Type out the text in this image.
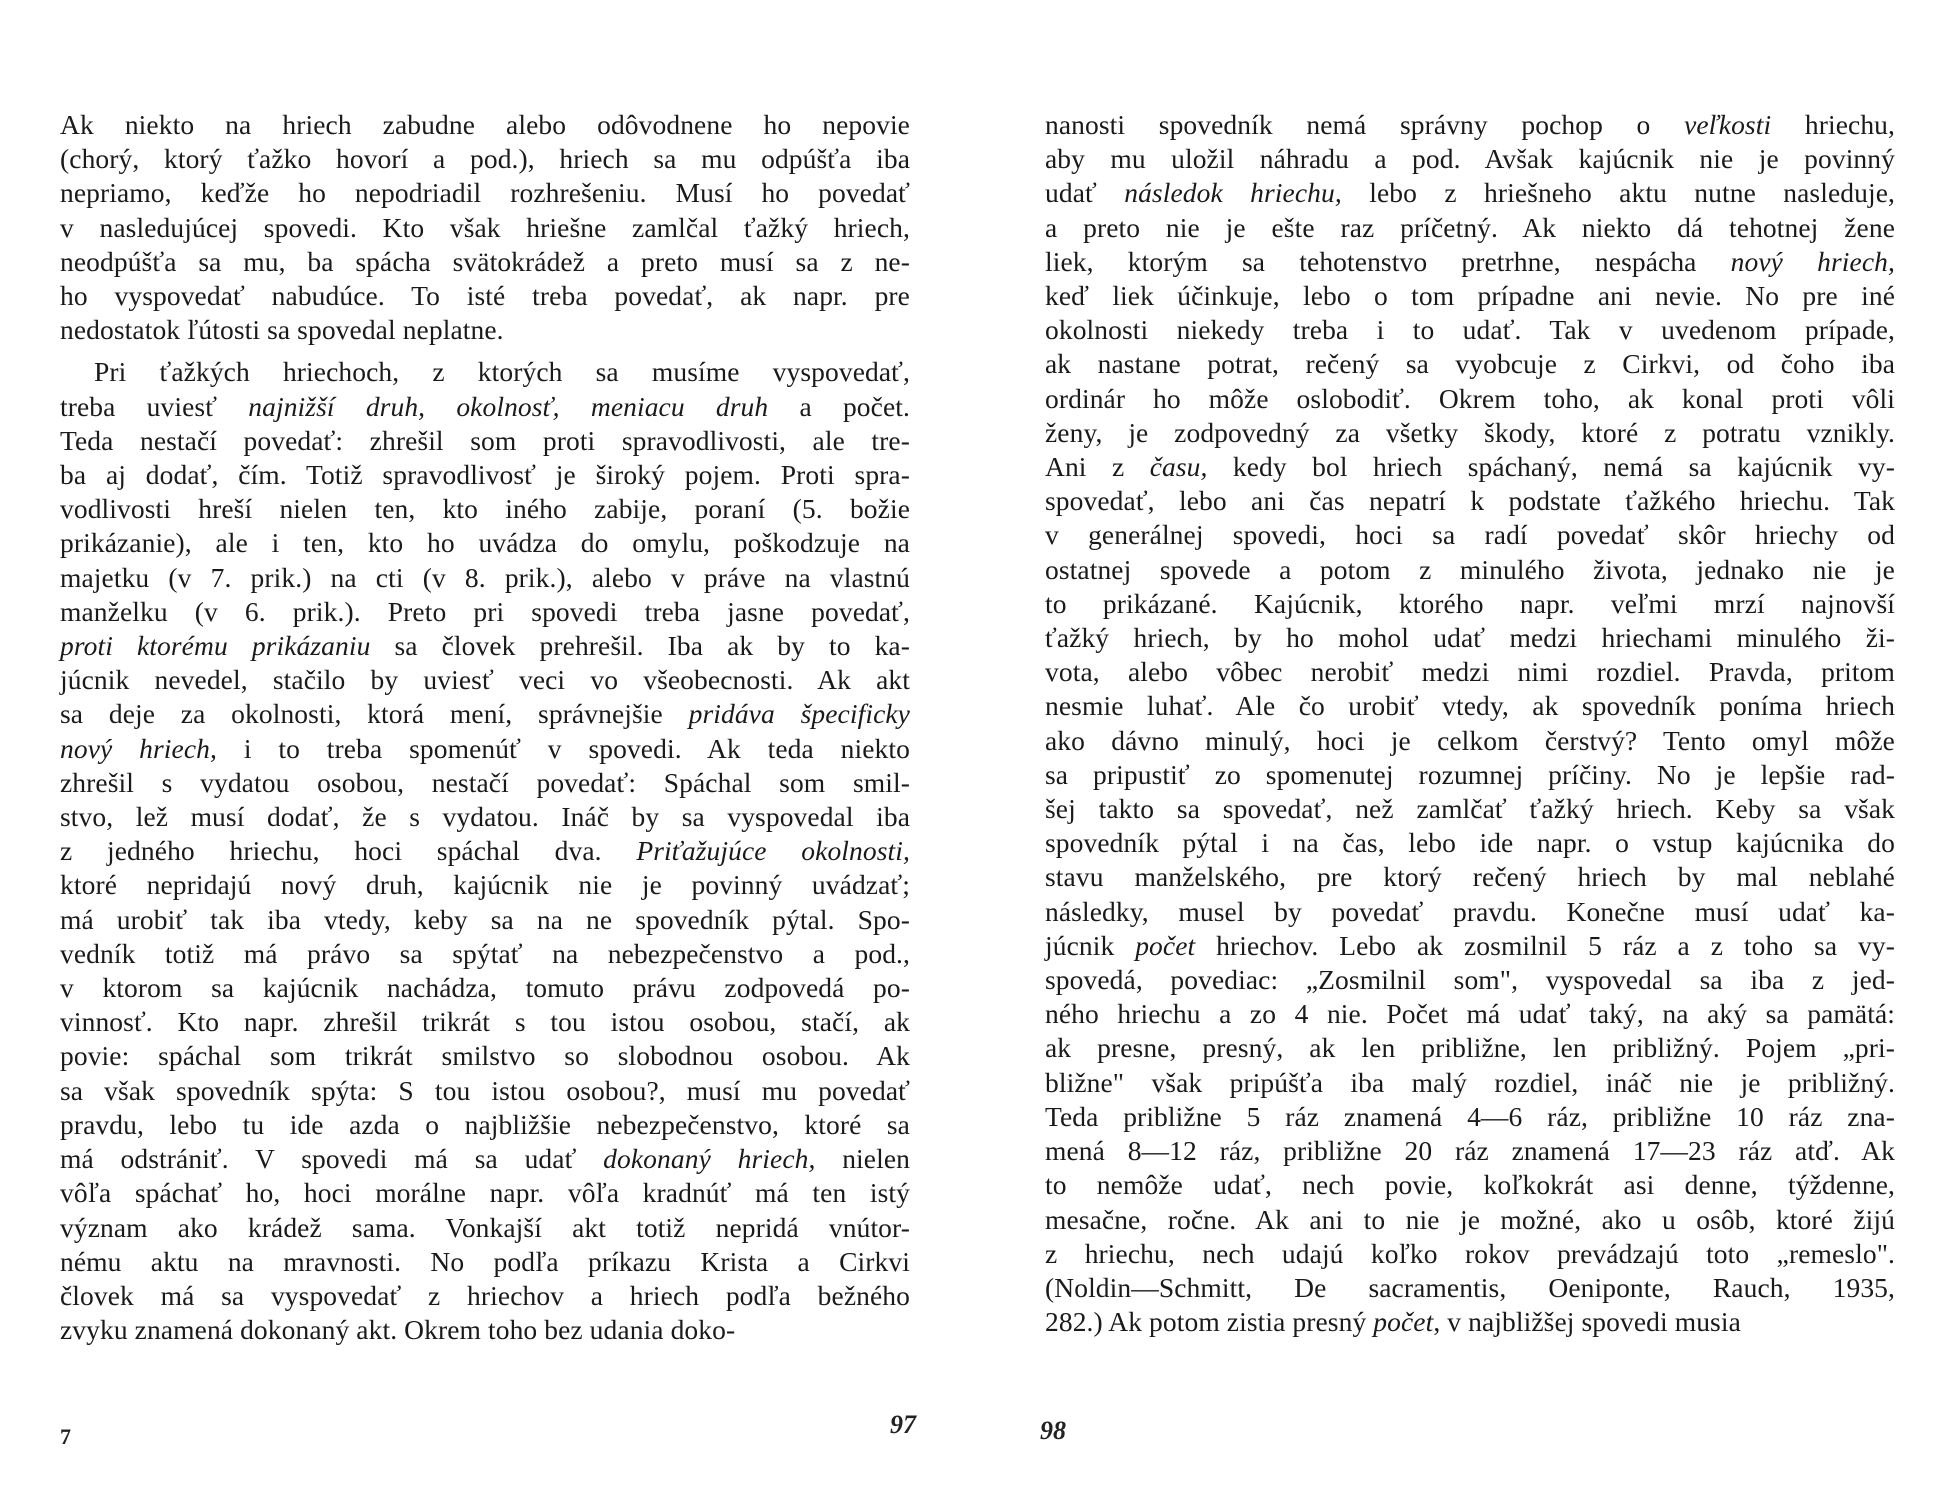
Ak niekto na hriech zabudne alebo odôvodnene ho nepovie
(chorý, ktorý ťažko hovorí a pod.), hriech sa mu odpúšťa iba
nepriamo, keďže ho nepodriadil rozhrešeniu. Musí ho povedať
v nasledujúcej spovedi. Kto však hriešne zamlčal ťažký hriech,
neodpúšťa sa mu, ba spácha svätokrádež a preto musí sa z ne-
ho vyspovedať nabudúce. To isté treba povedať, ak napr. pre
nedostatok ľútosti sa spovedal neplatne.
Pri ťažkých hriechoch, z ktorých sa musíme vyspovedať,
treba uviesť najnižší druh, okolnosť, meniacu druh a počet.
Teda nestačí povedať: zhrešil som proti spravodlivosti, ale tre-
ba aj dodať, čím. Totiž spravodlivosť je široký pojem. Proti spra-
vodlivosti hreší nielen ten, kto iného zabije, poraní (5. božie
prikázanie), ale i ten, kto ho uvádza do omylu, poškodzuje na
majetku (v 7. prik.) na cti (v 8. prik.), alebo v práve na vlastnú
manželku (v 6. prik.). Preto pri spovedi treba jasne povedať,
proti ktorému prikázaniu sa človek prehrešil. Iba ak by to ka-
júcnik nevedel, stačilo by uviesť veci vo všeobecnosti. Ak akt
sa deje za okolnosti, ktorá mení, správnejšie pridáva špecificky
nový hriech, i to treba spomenúť v spovedi. Ak teda niekto
zhrešil s vydatou osobou, nestačí povedať: Spáchal som smil-
stvo, lež musí dodať, že s vydatou. Ináč by sa vyspovedal iba
z jedného hriechu, hoci spáchal dva. Priťažujúce okolnosti,
ktoré nepridajú nový druh, kajúcnik nie je povinný uvádzať;
má urobiť tak iba vtedy, keby sa na ne spovedník pýtal. Spo-
vedník totiž má právo sa spýtať na nebezpečenstvo a pod.,
v ktorom sa kajúcnik nachádza, tomuto právu zodpovedá po-
vinnosť. Kto napr. zhrešil trikrát s tou istou osobou, stačí, ak
povie: spáchal som trikrát smilstvo so slobodnou osobou. Ak
sa však spovedník spýta: S tou istou osobou?, musí mu povedať
pravdu, lebo tu ide azda o najbližšie nebezpečenstvo, ktoré sa
má odstrániť. V spovedi má sa udať dokonaný hriech, nielen
vôľa spáchať ho, hoci morálne napr. vôľa kradnúť má ten istý
význam ako krádež sama. Vonkajší akt totiž nepridá vnútor-
nému aktu na mravnosti. No podľa príkazu Krista a Cirkvi
človek má sa vyspovedať z hriechov a hriech podľa bežného
zvyku znamená dokonaný akt. Okrem toho bez udania doko-
nanosti spovedník nemá správny pochop o veľkosti hriechu,
aby mu uložil náhradu a pod. Avšak kajúcnik nie je povinný
udať následok hriechu, lebo z hriešneho aktu nutne nasleduje,
a preto nie je ešte raz príčetný. Ak niekto dá tehotnej žene
liek, ktorým sa tehotenstvo pretrhne, nespácha nový hriech,
keď liek účinkuje, lebo o tom prípadne ani nevie. No pre iné
okolnosti niekedy treba i to udať. Tak v uvedenom prípade,
ak nastane potrat, rečený sa vyobcuje z Cirkvi, od čoho iba
ordinár ho môže oslobodiť. Okrem toho, ak konal proti vôli
ženy, je zodpovedný za všetky škody, ktoré z potratu vznikly.
Ani z času, kedy bol hriech spáchaný, nemá sa kajúcnik vy-
spovedať, lebo ani čas nepatrí k podstate ťažkého hriechu. Tak
v generálnej spovedi, hoci sa radí povedať skôr hriechy od
ostatnej spovede a potom z minulého života, jednako nie je
to prikázané. Kajúcnik, ktorého napr. veľmi mrzí najnovší
ťažký hriech, by ho mohol udať medzi hriechami minulého ži-
vota, alebo vôbec nerobiť medzi nimi rozdiel. Pravda, pritom
nesmie luhať. Ale čo urobiť vtedy, ak spovedník poníma hriech
ako dávno minulý, hoci je celkom čerstvý? Tento omyl môže
sa pripustiť zo spomenutej rozumnej príčiny. No je lepšie rad-
šej takto sa spovedať, než zamlčať ťažký hriech. Keby sa však
spovedník pýtal i na čas, lebo ide napr. o vstup kajúcnika do
stavu manželského, pre ktorý rečený hriech by mal neblahé
následky, musel by povedať pravdu. Konečne musí udať ka-
júcnik počet hriechov. Lebo ak zosmilnil 5 ráz a z toho sa vy-
spovedá, povediac: „Zosmilnil som", vyspovedal sa iba z jed-
ného hriechu a zo 4 nie. Počet má udať taký, na aký sa pamätá:
ak presne, presný, ak len približne, len približný. Pojem „pri-
bližne" však pripúšťa iba malý rozdiel, ináč nie je približný.
Teda približne 5 ráz znamená 4—6 ráz, približne 10 ráz zna-
mená 8—12 ráz, približne 20 ráz znamená 17—23 ráz atď. Ak
to nemôže udať, nech povie, koľkokrát asi denne, týždenne,
mesačne, ročne. Ak ani to nie je možné, ako u osôb, ktoré žijú
z hriechu, nech udajú koľko rokov prevádzajú toto „remeslo".
(Noldin—Schmitt, De sacramentis, Oeniponte, Rauch, 1935,
282.) Ak potom zistia presný počet, v najbližšej spovedi musia
7	97	98
